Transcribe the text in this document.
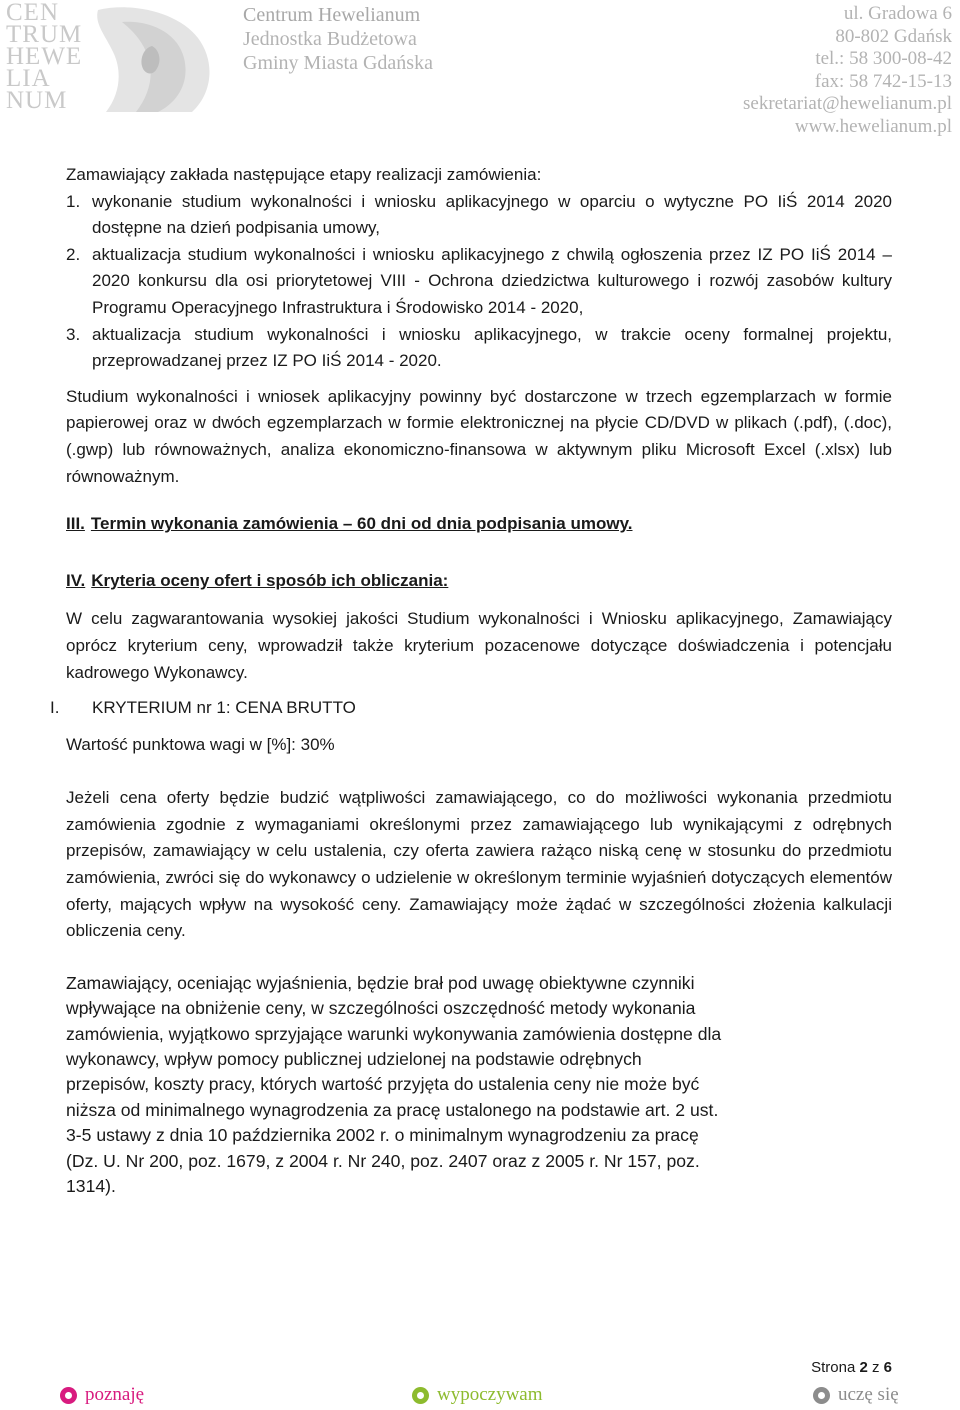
CEN
TRUM
HEWE
LIA
NUM
Centrum Hewelianum
Jednostka Budżetowa
Gminy Miasta Gdańska
ul. Gradowa 6
80-802 Gdańsk
tel.: 58 300-08-42
fax: 58 742-15-13
sekretariat@hewelianum.pl
www.hewelianum.pl
Zamawiający zakłada następujące etapy realizacji zamówienia:
1. wykonanie studium wykonalności i wniosku aplikacyjnego w oparciu o wytyczne PO IiŚ 2014 2020 dostępne na dzień podpisania umowy,
2. aktualizacja studium wykonalności i wniosku aplikacyjnego z chwilą ogłoszenia przez IZ PO IiŚ 2014 – 2020 konkursu dla osi priorytetowej VIII - Ochrona dziedzictwa kulturowego i rozwój zasobów kultury Programu Operacyjnego Infrastruktura i Środowisko 2014 - 2020,
3. aktualizacja studium wykonalności i wniosku aplikacyjnego, w trakcie oceny formalnej projektu, przeprowadzanej przez IZ PO IiŚ 2014 - 2020.
Studium wykonalności i wniosek aplikacyjny powinny być dostarczone w trzech egzemplarzach w formie papierowej oraz w dwóch egzemplarzach w formie elektronicznej na płycie CD/DVD w plikach (.pdf), (.doc), (.gwp) lub równoważnych, analiza ekonomiczno-finansowa w aktywnym pliku Microsoft Excel (.xlsx) lub równoważnym.
III. Termin wykonania zamówienia – 60 dni od dnia podpisania umowy.
IV. Kryteria oceny ofert i sposób ich obliczania:
W celu zagwarantowania wysokiej jakości Studium wykonalności i Wniosku aplikacyjnego, Zamawiający oprócz kryterium ceny, wprowadził także kryterium pozacenowe dotyczące doświadczenia i potencjału kadrowego Wykonawcy.
I.	KRYTERIUM nr 1: CENA BRUTTO
Wartość punktowa wagi w [%]: 30%
Jeżeli cena oferty będzie budzić wątpliwości zamawiającego, co do możliwości wykonania przedmiotu zamówienia zgodnie z wymaganiami określonymi przez zamawiającego lub wynikającymi z odrębnych przepisów, zamawiający w celu ustalenia, czy oferta zawiera rażąco niską cenę w stosunku do przedmiotu zamówienia, zwróci się do wykonawcy o udzielenie w określonym terminie wyjaśnień dotyczących elementów oferty, mających wpływ na wysokość ceny. Zamawiający może żądać w szczególności złożenia kalkulacji obliczenia ceny.
Zamawiający, oceniając wyjaśnienia, będzie brał pod uwagę obiektywne czynniki
wpływające na obniżenie ceny, w szczególności oszczędność metody wykonania
zamówienia, wyjątkowo sprzyjające warunki wykonywania zamówienia dostępne dla
wykonawcy, wpływ pomocy publicznej udzielonej na podstawie odrębnych
przepisów, koszty pracy, których wartość przyjęta do ustalenia ceny nie może być
niższa od minimalnego wynagrodzenia za pracę ustalonego na podstawie art. 2 ust.
3-5 ustawy z dnia 10 października 2002 r. o minimalnym wynagrodzeniu za pracę
(Dz. U. Nr 200, poz. 1679, z 2004 r. Nr 240, poz. 2407 oraz z 2005 r. Nr 157, poz.
1314).
Strona 2 z 6
poznaję	wypoczywam	uczę się
